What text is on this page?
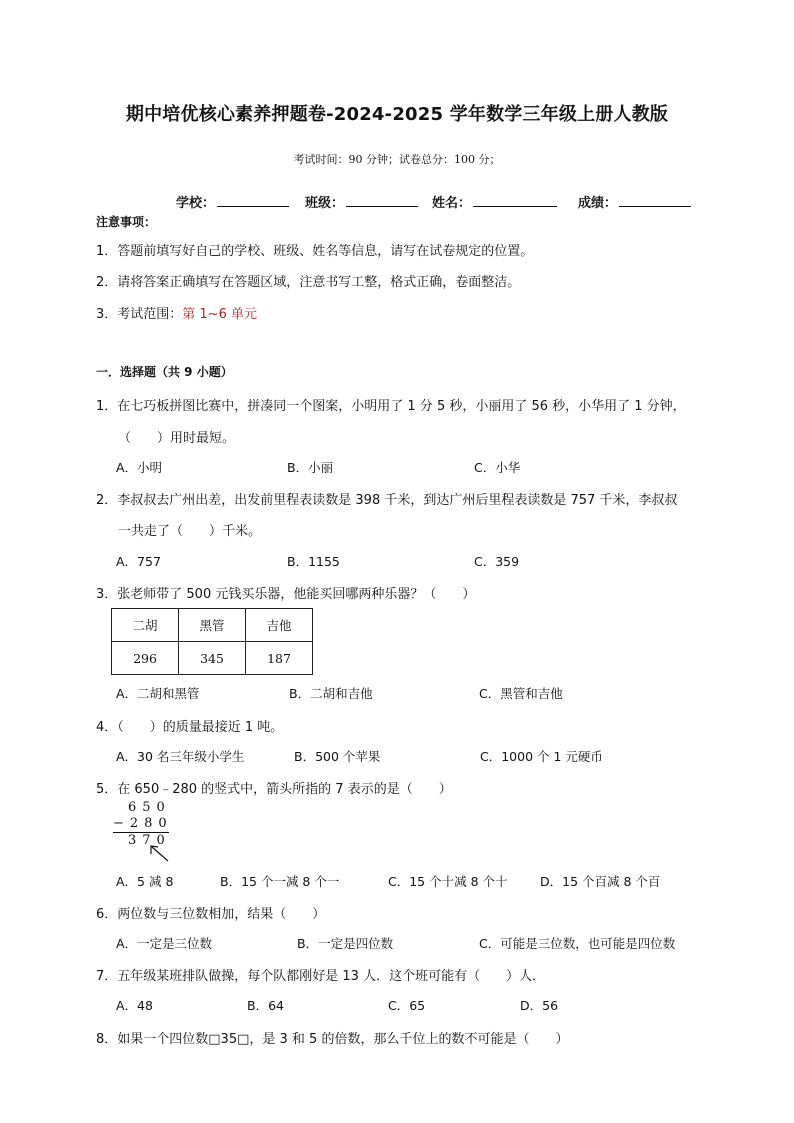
期中培优核心素养押题卷-2024-2025 学年数学三年级上册人教版
考试时间：90 分钟；试卷总分：100 分；
学校：	班级：	姓名：	成绩：
注意事项：
1．答题前填写好自己的学校、班级、姓名等信息，请写在试卷规定的位置。
2．请将答案正确填写在答题区域，注意书写工整，格式正确，卷面整洁。
3．考试范围：第 1~6 单元
一．选择题（共 9 小题）
1．在七巧板拼图比赛中，拼凑同一个图案，小明用了 1 分 5 秒，小丽用了 56 秒，小华用了 1 分钟，
（　　）用时最短。
A．小明	B．小丽	C．小华
2．李叔叔去广州出差，出发前里程表读数是 398 千米，到达广州后里程表读数是 757 千米，李叔叔
一共走了（　　）千米。
A．757	B．1155	C．359
3．张老师带了 500 元钱买乐器，他能买回哪两种乐器？（　　）
二胡	黑管	吉他
296	345	187
A．二胡和黑管	B．二胡和吉他	C．黑管和吉他
4．（　　）的质量最接近 1 吨。
A．30 名三年级小学生	B．500 个苹果	C．1000 个 1 元硬币
5．在 650﹣280 的竖式中，箭头所指的 7 表示的是（　　）
650
−280
370
A．5 减 8	B．15 个一减 8 个一	C．15 个十减 8 个十	D．15 个百减 8 个百
6．两位数与三位数相加，结果（　　）
A．一定是三位数	B．一定是四位数	C．可能是三位数，也可能是四位数
7．五年级某班排队做操，每个队都刚好是 13 人．这个班可能有（　　）人．
A．48	B．64	C．65	D．56
8．如果一个四位数□35□，是 3 和 5 的倍数，那么千位上的数不可能是（　　）
